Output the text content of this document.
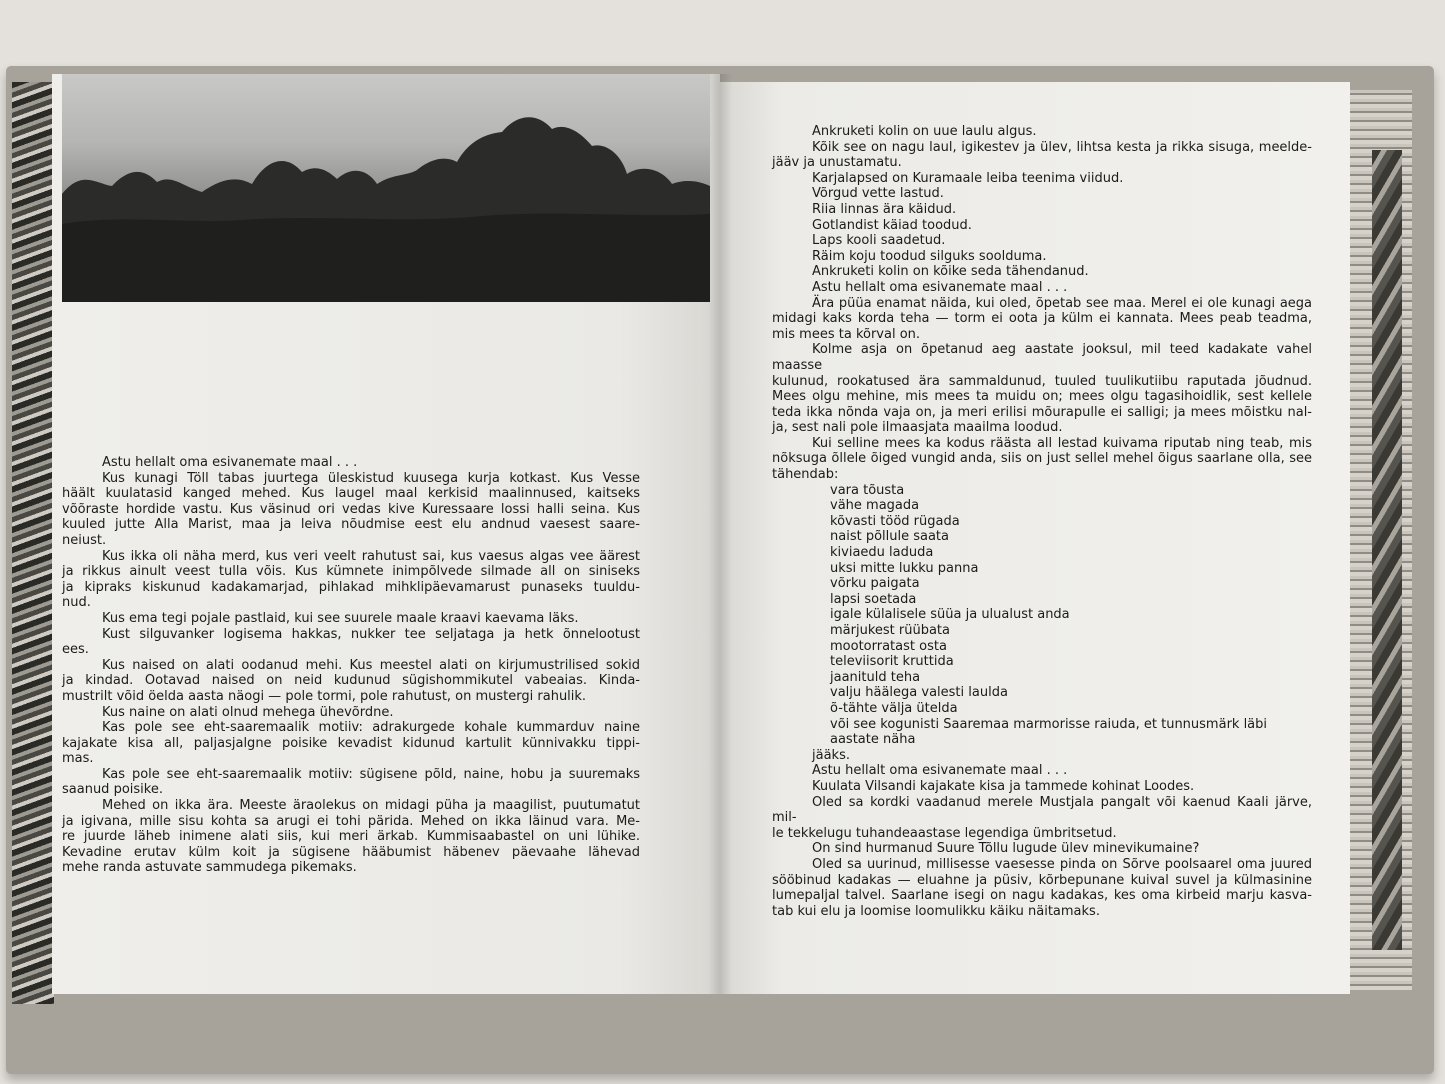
Astu hellalt oma esivanemate maal . . .

Kus kunagi Töll tabas juurtega üleskistud kuusega kurja kotkast. Kus Vesse

häält kuulatasid kanged mehed. Kus laugel maal kerkisid maalinnused, kaitseks

võõraste hordide vastu. Kus väsinud ori vedas kive Kuressaare lossi halli seina. Kus

kuuled jutte Alla Marist, maa ja leiva nõudmise eest elu andnud vaesest saare-

neiust.

Kus ikka oli näha merd, kus veri veelt rahutust sai, kus vaesus algas vee äärest

ja rikkus ainult veest tulla võis. Kus kümnete inimpõlvede silmade all on siniseks

ja kipraks kiskunud kadakamarjad, pihlakad mihklipäevamarust punaseks tuuldu-

nud.

Kus ema tegi pojale pastlaid, kui see suurele maale kraavi kaevama läks.

Kust silguvanker logisema hakkas, nukker tee seljataga ja hetk õnnelootust

ees.

Kus naised on alati oodanud mehi. Kus meestel alati on kirjumustrilised sokid

ja kindad. Ootavad naised on neid kudunud sügishommikutel vabeaias. Kinda-

mustrilt võid öelda aasta näogi — pole tormi, pole rahutust, on mustergi rahulik.

Kus naine on alati olnud mehega ühevõrdne.

Kas pole see eht-saaremaalik motiiv: adrakurgede kohale kummarduv naine

kajakate kisa all, paljasjalgne poisike kevadist kidunud kartulit künnivakku tippi-

mas.

Kas pole see eht-saaremaalik motiiv: sügisene põld, naine, hobu ja suuremaks

saanud poisike.

Mehed on ikka ära. Meeste äraolekus on midagi püha ja maagilist, puutumatut

ja igivana, mille sisu kohta sa arugi ei tohi pärida. Mehed on ikka läinud vara. Me-

re juurde läheb inimene alati siis, kui meri ärkab. Kummisaabastel on uni lühike.

Kevadine erutav külm koit ja sügisene hääbumist häbenev päevaahe lähevad

mehe randa astuvate sammudega pikemaks.

Ankruketi kolin on uue laulu algus.

Kõik see on nagu laul, igikestev ja ülev, lihtsa kesta ja rikka sisuga, meelde-

jääv ja unustamatu.

Karjalapsed on Kuramaale leiba teenima viidud.

Võrgud vette lastud.

Riia linnas ära käidud.

Gotlandist käiad toodud.

Laps kooli saadetud.

Räim koju toodud silguks sooldumа.

Ankruketi kolin on kõike seda tähendanud.

Astu hellalt oma esivanemate maal . . .

Ära püüa enamat näida, kui oled, õpetab see maa. Merel ei ole kunagi aega

midagi kaks korda teha — torm ei oota ja külm ei kannata. Mees peab teadma,

mis mees ta kõrval on.

Kolme asja on õpetanud aeg aastate jooksul, mil teed kadakate vahel maasse

kulunud, rookatused ära sammaldunud, tuuled tuulikutiibu raputada jõudnud.

Mees olgu mehine, mis mees ta muidu on; mees olgu tagasihoidlik, sest kellele

teda ikka nõnda vaja on, ja meri erilisi mõurapulle ei salligi; ja mees mõistku nal-

ja, sest nali pole ilmaasjata maailma loodud.

Kui selline mees ka kodus räästa all lestad kuivama riputab ning teab, mis

nõksuga õllele õiged vungid anda, siis on just sellel mehel õigus saarlane olla, see

tähendab:

vara tõusta

vähe magada

kõvasti tööd rügada

naist põllule saata

kiviaedu laduda

uksi mitte lukku panna

võrku paigata

lapsi soetada

igale külalisele süüa ja ulualust anda

märjukest rüübata

mootorratast osta

televiisorit kruttida

jaanituld teha

valju häälega valesti laulda

õ-tähte välja ütelda

või see kogunisti Saaremaa marmorisse raiuda, et tunnusmärk läbi aastate näha

jääks.

Astu hellalt oma esivanemate maal . . .

Kuulata Vilsandi kajakate kisa ja tammede kohinat Loodes.

Oled sa kordki vaadanud merele Mustjala pangalt või kaenud Kaali järve, mil-

le tekkelugu tuhandeaastase legendiga ümbritsetud.

On sind hurmanud Suure Tõllu lugude ülev minevikumaine?

Oled sa uurinud, millisesse vaesesse pinda on Sõrve poolsaarel oma juured

sööbinud kadakas — eluahne ja püsiv, kõrbepunane kuival suvel ja külmasinine

lumepaljal talvel. Saarlane isegi on nagu kadakas, kes oma kirbeid marju kasva-

tab kui elu ja loomise loomulikku käiku näitamaks.
